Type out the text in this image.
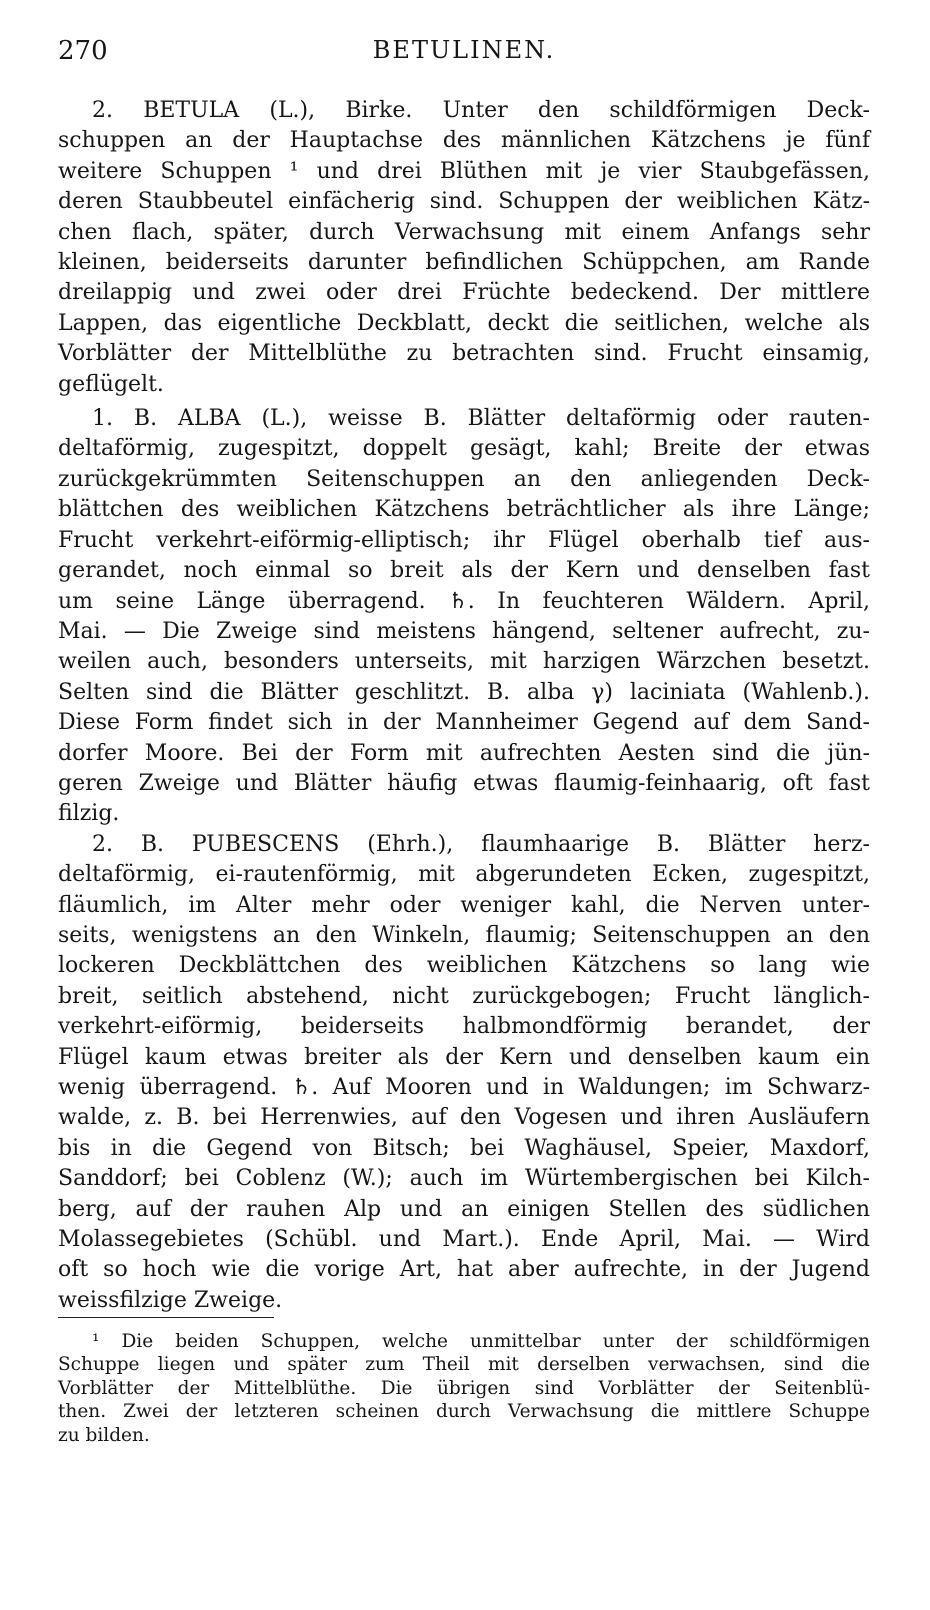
270	BETULINEN.
2. BETULA (L.), Birke. Unter den schildförmigen Deck-
schuppen an der Hauptachse des männlichen Kätzchens je fünf
weitere Schuppen ¹ und drei Blüthen mit je vier Staubgefässen,
deren Staubbeutel einfächerig sind. Schuppen der weiblichen Kätz-
chen flach, später, durch Verwachsung mit einem Anfangs sehr
kleinen, beiderseits darunter befindlichen Schüppchen, am Rande
dreilappig und zwei oder drei Früchte bedeckend. Der mittlere
Lappen, das eigentliche Deckblatt, deckt die seitlichen, welche als
Vorblätter der Mittelblüthe zu betrachten sind. Frucht einsamig,
geflügelt.
1. B. ALBA (L.), weisse B. Blätter deltaförmig oder rauten-
deltaförmig, zugespitzt, doppelt gesägt, kahl; Breite der etwas
zurückgekrümmten Seitenschuppen an den anliegenden Deck-
blättchen des weiblichen Kätzchens beträchtlicher als ihre Länge;
Frucht verkehrt-eiförmig-elliptisch; ihr Flügel oberhalb tief aus-
gerandet, noch einmal so breit als der Kern und denselben fast
um seine Länge überragend. ♄. In feuchteren Wäldern. April,
Mai. — Die Zweige sind meistens hängend, seltener aufrecht, zu-
weilen auch, besonders unterseits, mit harzigen Wärzchen besetzt.
Selten sind die Blätter geschlitzt. B. alba γ) laciniata (Wahlenb.).
Diese Form findet sich in der Mannheimer Gegend auf dem Sand-
dorfer Moore. Bei der Form mit aufrechten Aesten sind die jün-
geren Zweige und Blätter häufig etwas flaumig-feinhaarig, oft fast
filzig.
2. B. PUBESCENS (Ehrh.), flaumhaarige B. Blätter herz-
deltaförmig, ei-rautenförmig, mit abgerundeten Ecken, zugespitzt,
fläumlich, im Alter mehr oder weniger kahl, die Nerven unter-
seits, wenigstens an den Winkeln, flaumig; Seitenschuppen an den
lockeren Deckblättchen des weiblichen Kätzchens so lang wie
breit, seitlich abstehend, nicht zurückgebogen; Frucht länglich-
verkehrt-eiförmig, beiderseits halbmondförmig berandet, der
Flügel kaum etwas breiter als der Kern und denselben kaum ein
wenig überragend. ♄. Auf Mooren und in Waldungen; im Schwarz-
walde, z. B. bei Herrenwies, auf den Vogesen und ihren Ausläufern
bis in die Gegend von Bitsch; bei Waghäusel, Speier, Maxdorf,
Sanddorf; bei Coblenz (W.); auch im Würtembergischen bei Kilch-
berg, auf der rauhen Alp und an einigen Stellen des südlichen
Molassegebietes (Schübl. und Mart.). Ende April, Mai. — Wird
oft so hoch wie die vorige Art, hat aber aufrechte, in der Jugend
weissfilzige Zweige.
¹ Die beiden Schuppen, welche unmittelbar unter der schildförmigen
Schuppe liegen und später zum Theil mit derselben verwachsen, sind die
Vorblätter der Mittelblüthe. Die übrigen sind Vorblätter der Seitenblü-
then. Zwei der letzteren scheinen durch Verwachsung die mittlere Schuppe
zu bilden.
